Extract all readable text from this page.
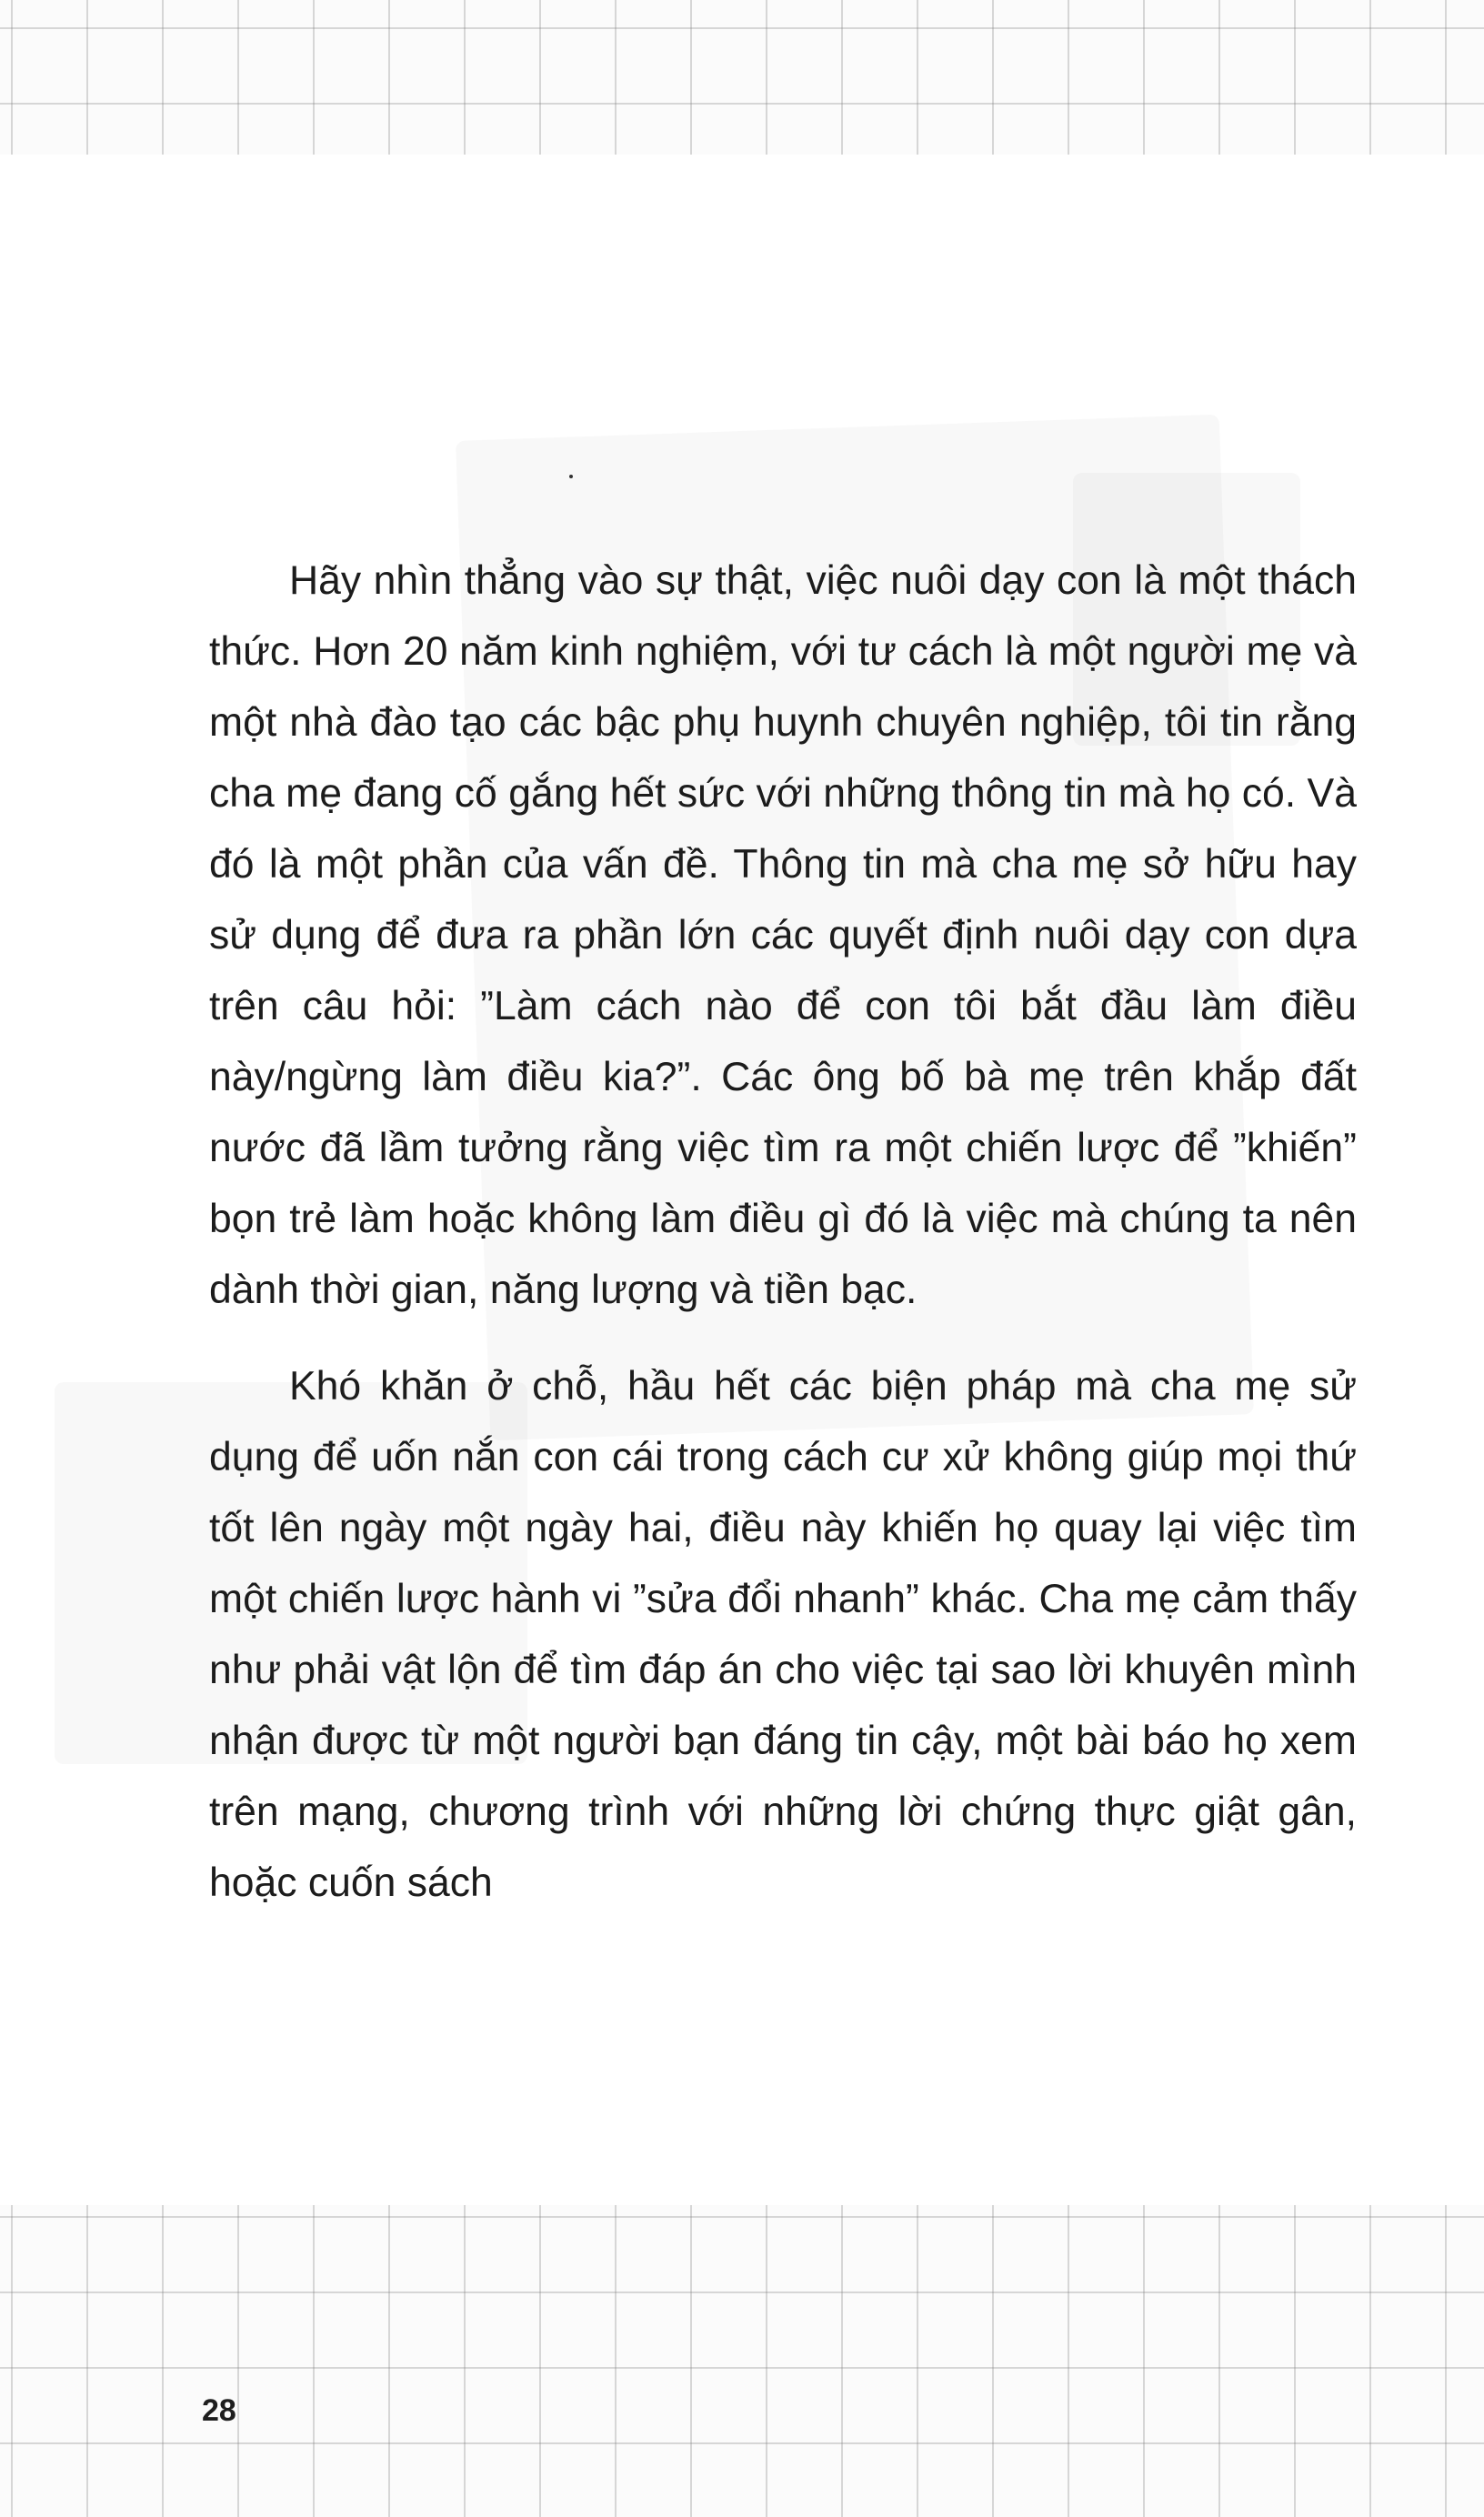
Hãy nhìn thẳng vào sự thật, việc nuôi dạy con là một thách thức. Hơn 20 năm kinh nghiệm, với tư cách là một người mẹ và một nhà đào tạo các bậc phụ huynh chuyên nghiệp, tôi tin rằng cha mẹ đang cố gắng hết sức với những thông tin mà họ có. Và đó là một phần của vấn đề. Thông tin mà cha mẹ sở hữu hay sử dụng để đưa ra phần lớn các quyết định nuôi dạy con dựa trên câu hỏi: ”Làm cách nào để con tôi bắt đầu làm điều này/ngừng làm điều kia?”. Các ông bố bà mẹ trên khắp đất nước đã lầm tưởng rằng việc tìm ra một chiến lược để ”khiến” bọn trẻ làm hoặc không làm điều gì đó là việc mà chúng ta nên dành thời gian, năng lượng và tiền bạc.

Khó khăn ở chỗ, hầu hết các biện pháp mà cha mẹ sử dụng để uốn nắn con cái trong cách cư xử không giúp mọi thứ tốt lên ngày một ngày hai, điều này khiến họ quay lại việc tìm một chiến lược hành vi ”sửa đổi nhanh” khác. Cha mẹ cảm thấy như phải vật lộn để tìm đáp án cho việc tại sao lời khuyên mình nhận được từ một người bạn đáng tin cậy, một bài báo họ xem trên mạng, chương trình với những lời chứng thực giật gân, hoặc cuốn sách

28
